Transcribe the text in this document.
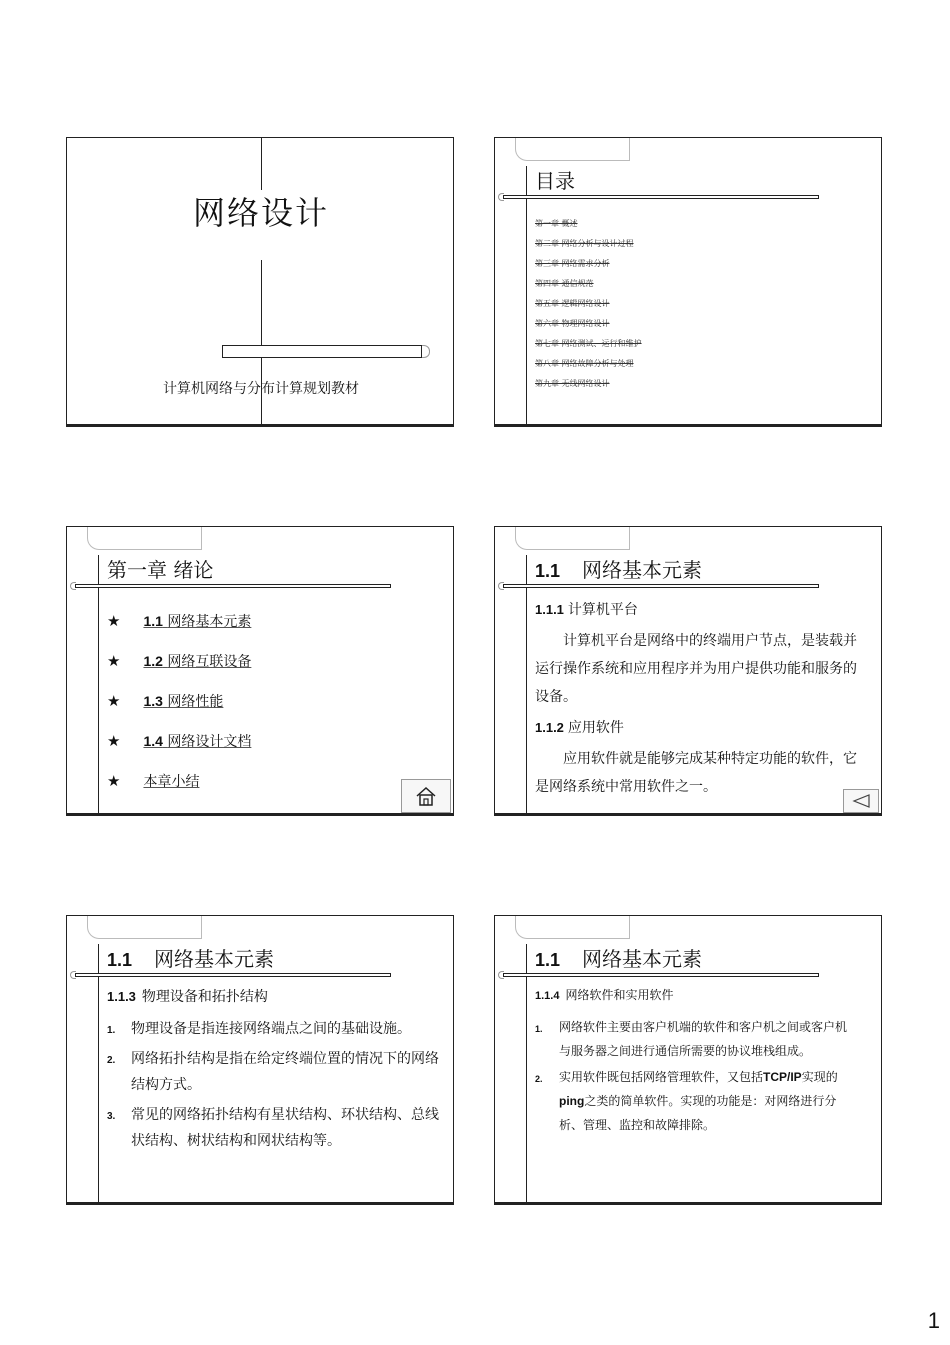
网络设计
计算机网络与分布计算规划教材
目录
第一章 概述
第二章 网络分析与设计过程
第三章 网络需求分析
第四章 通信规范
第五章 逻辑网络设计
第六章 物理网络设计
第七章 网络测试、运行和维护
第八章 网络故障分析与处理
第九章 无线网络设计
第一章 绪论
★ 1.1 网络基本元素
★ 1.2 网络互联设备
★ 1.3 网络性能
★ 1.4 网络设计文档
★ 本章小结
1.1 网络基本元素

1.1.1 计算机平台

计算机平台是网络中的终端用户节点，是装载并运行操作系统和应用程序并为用户提供功能和服务的设备。

1.1.2 应用软件

应用软件就是能够完成某种特定功能的软件，它是网络系统中常用软件之一。

1.1 网络基本元素

1.1.3 物理设备和拓扑结构

1. 物理设备是指连接网络端点之间的基础设施。
2. 网络拓扑结构是指在给定终端位置的情况下的网络结构方式。
3. 常见的网络拓扑结构有星状结构、环状结构、总线状结构、树状结构和网状结构等。
1.1 网络基本元素

1.1.4 网络软件和实用软件

1. 网络软件主要由客户机端的软件和客户机之间或客户机与服务器之间进行通信所需要的协议堆栈组成。
2. 实用软件既包括网络管理软件，又包括TCP/IP实现的ping之类的简单软件。实现的功能是：对网络进行分析、管理、监控和故障排除。
1
